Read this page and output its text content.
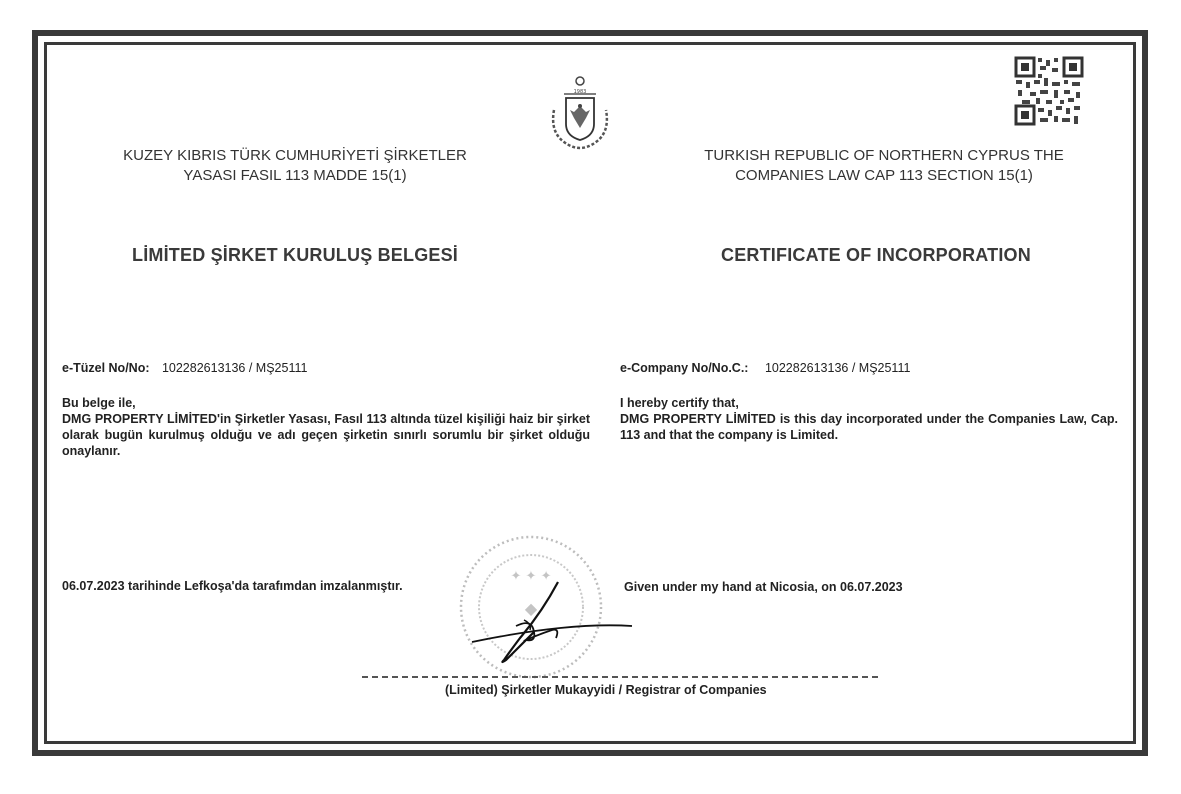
1983
KUZEY KIBRIS TÜRK CUMHURİYETİ ŞİRKETLER
YASASI FASIL 113 MADDE 15(1)
TURKISH REPUBLIC OF NORTHERN CYPRUS THE
COMPANIES LAW CAP 113 SECTION 15(1)
LİMİTED ŞİRKET KURULUŞ BELGESİ	CERTIFICATE OF INCORPORATION
e-Tüzel No/No: 102282613136 / MŞ25111	e-Company No/No.C.: 102282613136 / MŞ25111
Bu belge ile,
DMG PROPERTY LİMİTED'in Şirketler Yasası, Fasıl 113 altında tüzel kişiliği haiz bir şirket olarak bugün kurulmuş olduğu ve adı geçen şirketin sınırlı sorumlu bir şirket olduğu onaylanır.
I hereby certify that,
DMG PROPERTY LİMİTED is this day incorporated under the Companies Law, Cap. 113 and that the company is Limited.
06.07.2023 tarihinde Lefkoşa'da tarafımdan imzalanmıştır.	Given under my hand at Nicosia, on 06.07.2023
✦ ✦ ✦
◆
(Limited) Şirketler Mukayyidi / Registrar of Companies
